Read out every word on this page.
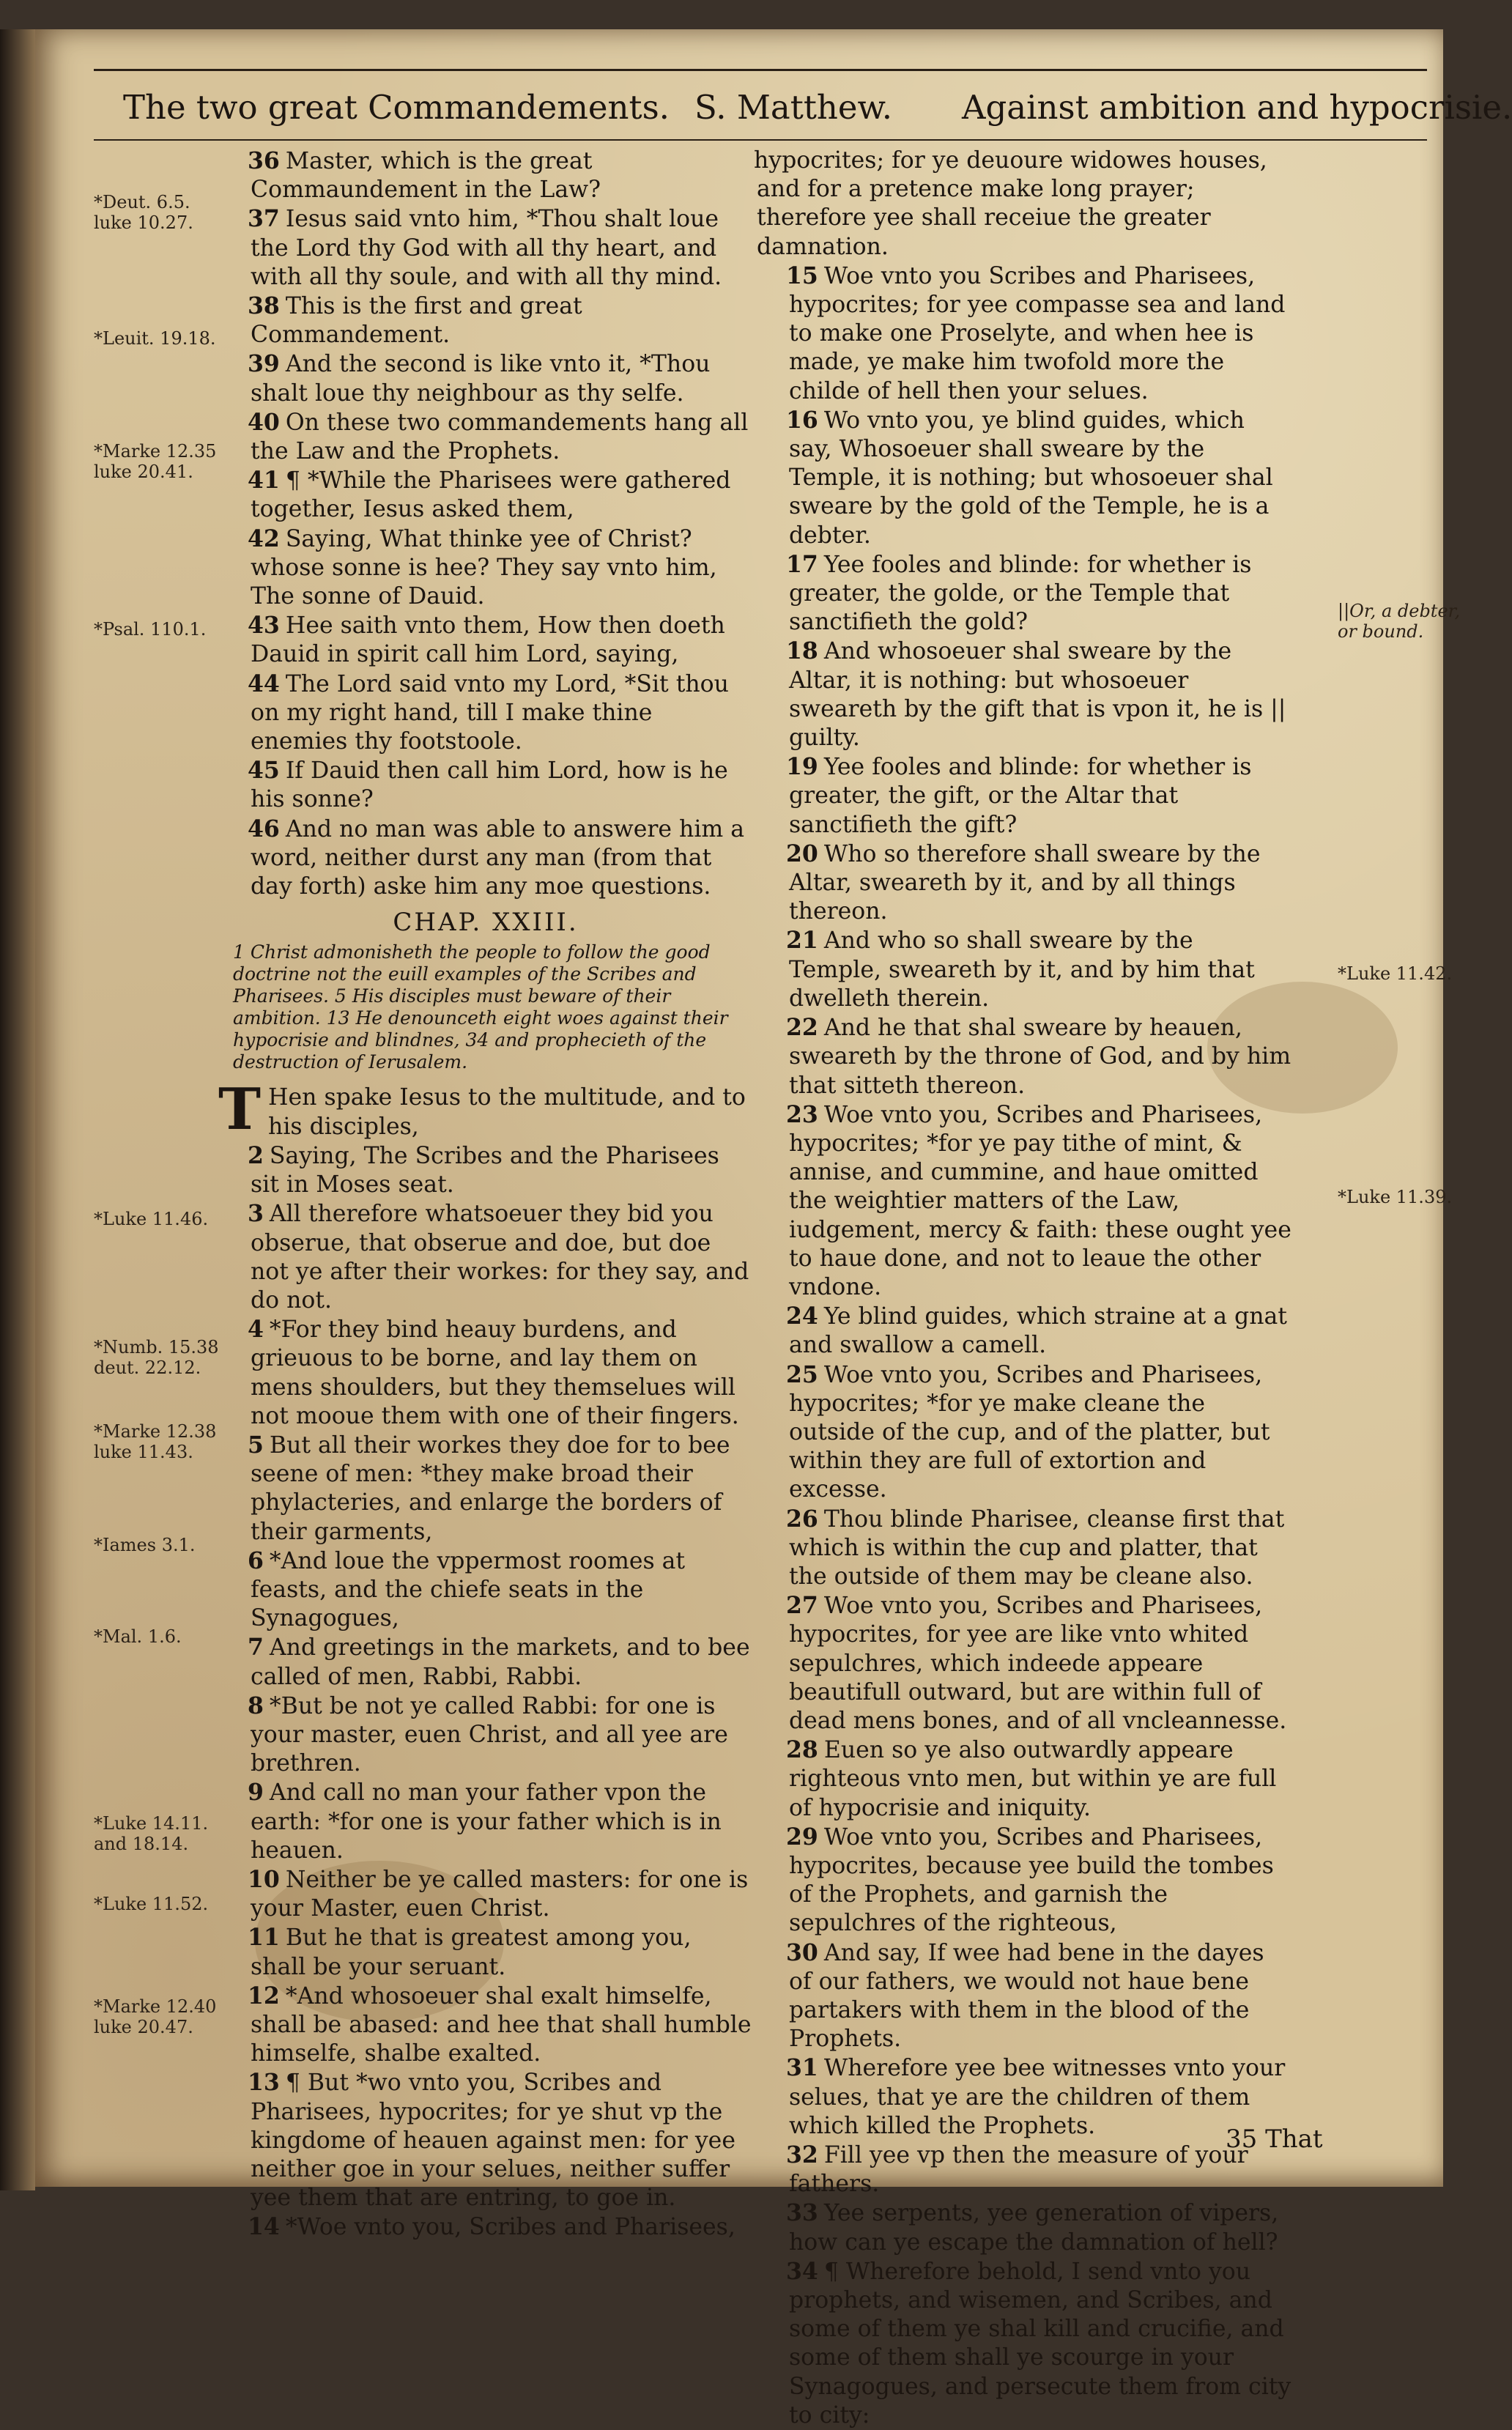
The two great Commandements. S. Matthew. Against ambition and hypocrisie.
*Deut. 6.5. luke 10.27.
*Leuit. 19.18.
*Marke 12.35 luke 20.41.
*Psal. 110.1.
*Luke 11.46.
*Numb. 15.38 deut. 22.12.
*Marke 12.38 luke 11.43.
*Iames 3.1.
*Mal. 1.6.
*Luke 14.11. and 18.14.
*Luke 11.52.
*Marke 12.40 luke 20.47.
||Or, a debter, or bound.
*Luke 11.42.
*Luke 11.39.

36 Master, which is the great Commaundement in the Law?

37 Iesus said vnto him, *Thou shalt loue the Lord thy God with all thy heart, and with all thy soule, and with all thy mind.

38 This is the first and great Commandement.

39 And the second is like vnto it, *Thou shalt loue thy neighbour as thy selfe.

40 On these two commandements hang all the Law and the Prophets.

41 ¶ *While the Pharisees were gathered together, Iesus asked them,

42 Saying, What thinke yee of Christ? whose sonne is hee? They say vnto him, The sonne of Dauid.

43 Hee saith vnto them, How then doeth Dauid in spirit call him Lord, saying,

44 The Lord said vnto my Lord, *Sit thou on my right hand, till I make thine enemies thy footstoole.

45 If Dauid then call him Lord, how is he his sonne?

46 And no man was able to answere him a word, neither durst any man (from that day forth) aske him any moe questions.

CHAP. XXIII.

1 Christ admonisheth the people to follow the good doctrine not the euill examples of the Scribes and Pharisees. 5 His disciples must beware of their ambition. 13 He denounceth eight woes against their hypocrisie and blindnes, 34 and prophecieth of the destruction of Ierusalem.

T Hen spake Iesus to the multitude, and to his disciples,

2 Saying, The Scribes and the Pharisees sit in Moses seat.

3 All therefore whatsoeuer they bid you obserue, that obserue and doe, but doe not ye after their workes: for they say, and do not.

4 *For they bind heauy burdens, and grieuous to be borne, and lay them on mens shoulders, but they themselues will not mooue them with one of their fingers.

5 But all their workes they doe for to bee seene of men: *they make broad their phylacteries, and enlarge the borders of their garments,

6 *And loue the vppermost roomes at feasts, and the chiefe seats in the Synagogues,

7 And greetings in the markets, and to bee called of men, Rabbi, Rabbi.

8 *But be not ye called Rabbi: for one is your master, euen Christ, and all yee are brethren.

9 And call no man your father vpon the earth: *for one is your father which is in heauen.

10 Neither be ye called masters: for one is your Master, euen Christ.

11 But he that is greatest among you, shall be your seruant.

12 *And whosoeuer shal exalt himselfe, shall be abased: and hee that shall humble himselfe, shalbe exalted.

13 ¶ But *wo vnto you, Scribes and Pharisees, hypocrites; for ye shut vp the kingdome of heauen against men: for yee neither goe in your selues, neither suffer yee them that are entring, to goe in.

14 *Woe vnto you, Scribes and Pharisees,

hypocrites; for ye deuoure widowes houses, and for a pretence make long prayer; therefore yee shall receiue the greater damnation.

15 Woe vnto you Scribes and Pharisees, hypocrites; for yee compasse sea and land to make one Proselyte, and when hee is made, ye make him twofold more the childe of hell then your selues.

16 Wo vnto you, ye blind guides, which say, Whosoeuer shall sweare by the Temple, it is nothing; but whosoeuer shal sweare by the gold of the Temple, he is a debter.

17 Yee fooles and blinde: for whether is greater, the golde, or the Temple that sanctifieth the gold?

18 And whosoeuer shal sweare by the Altar, it is nothing: but whosoeuer sweareth by the gift that is vpon it, he is || guilty.

19 Yee fooles and blinde: for whether is greater, the gift, or the Altar that sanctifieth the gift?

20 Who so therefore shall sweare by the Altar, sweareth by it, and by all things thereon.

21 And who so shall sweare by the Temple, sweareth by it, and by him that dwelleth therein.

22 And he that shal sweare by heauen, sweareth by the throne of God, and by him that sitteth thereon.

23 Woe vnto you, Scribes and Pharisees, hypocrites; *for ye pay tithe of mint, & annise, and cummine, and haue omitted the weightier matters of the Law, iudgement, mercy & faith: these ought yee to haue done, and not to leaue the other vndone.

24 Ye blind guides, which straine at a gnat and swallow a camell.

25 Woe vnto you, Scribes and Pharisees, hypocrites; *for ye make cleane the outside of the cup, and of the platter, but within they are full of extortion and excesse.

26 Thou blinde Pharisee, cleanse first that which is within the cup and platter, that the outside of them may be cleane also.

27 Woe vnto you, Scribes and Pharisees, hypocrites, for yee are like vnto whited sepulchres, which indeede appeare beautifull outward, but are within full of dead mens bones, and of all vncleannesse.

28 Euen so ye also outwardly appeare righteous vnto men, but within ye are full of hypocrisie and iniquity.

29 Woe vnto you, Scribes and Pharisees, hypocrites, because yee build the tombes of the Prophets, and garnish the sepulchres of the righteous,

30 And say, If wee had bene in the dayes of our fathers, we would not haue bene partakers with them in the blood of the Prophets.

31 Wherefore yee bee witnesses vnto your selues, that ye are the children of them which killed the Prophets.

32 Fill yee vp then the measure of your fathers.

33 Yee serpents, yee generation of vipers, how can ye escape the damnation of hell?

34 ¶ Wherefore behold, I send vnto you prophets, and wisemen, and Scribes, and some of them ye shal kill and crucifie, and some of them shall ye scourge in your Synagogues, and persecute them from city to city:

35 That
